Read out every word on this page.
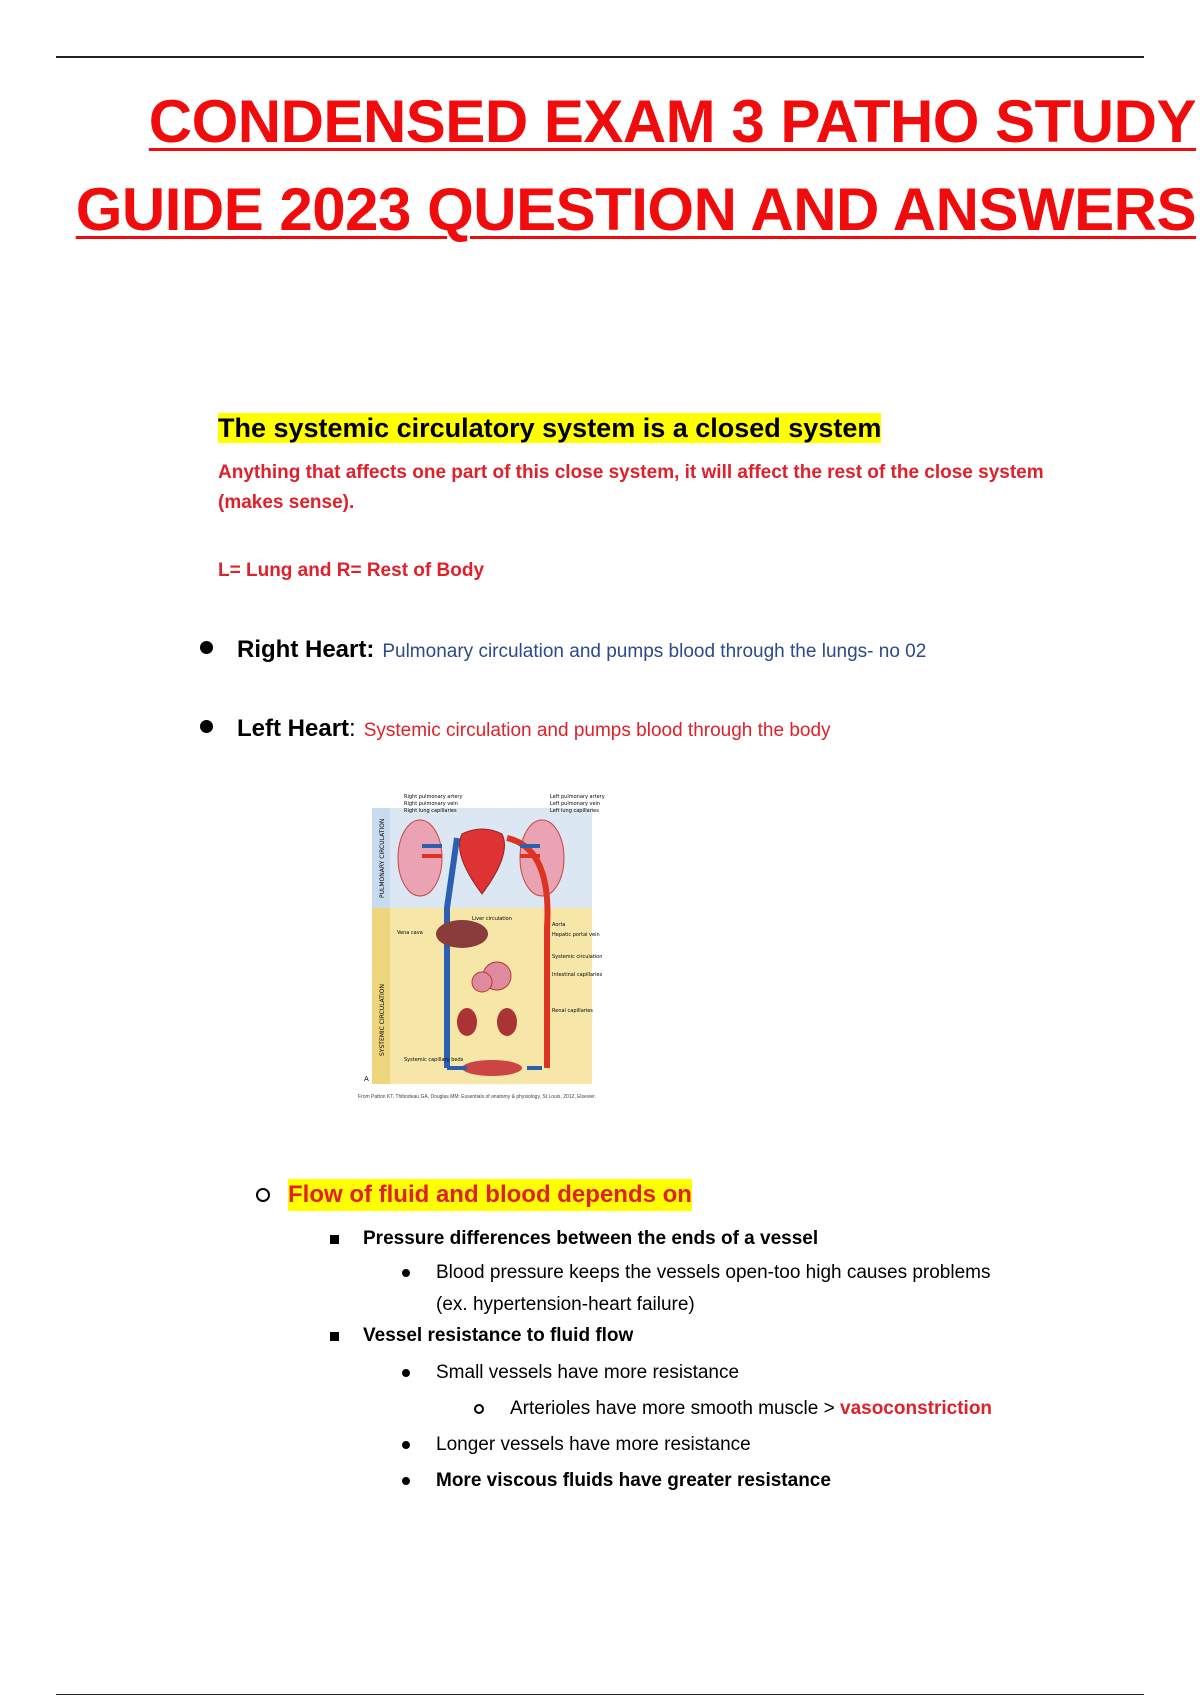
CONDENSED EXAM 3 PATHO STUDY
GUIDE 2023 QUESTION AND ANSWERS
The systemic circulatory system is a closed system
Anything that affects one part of this close system, it will affect the rest of the close system (makes sense).
L= Lung and R= Rest of Body
Right Heart: Pulmonary circulation and pumps blood through the lungs- no 02
Left Heart: Systemic circulation and pumps blood through the body
PULMONARY CIRCULATION
SYSTEMIC CIRCULATION
Liver circulation
Vena cava
Systemic capillary beds
A
Right pulmonary artery
Right pulmonary vein
Right lung capillaries
Left pulmonary artery
Left pulmonary vein
Left lung capillaries
Aorta
Hepatic portal vein
Systemic circulation
Intestinal capillaries
Renal capillaries
From Patton KT, Thibodeau GA, Douglas MM: Essentials of anatomy & physiology, St Louis, 2012, Elsevier.
Flow of fluid and blood depends on
Pressure differences between the ends of a vessel
Blood pressure keeps the vessels open-too high causes problems
(ex. hypertension-heart failure)
Vessel resistance to fluid flow
Small vessels have more resistance
Arterioles have more smooth muscle > vasoconstriction
Longer vessels have more resistance
More viscous fluids have greater resistance
